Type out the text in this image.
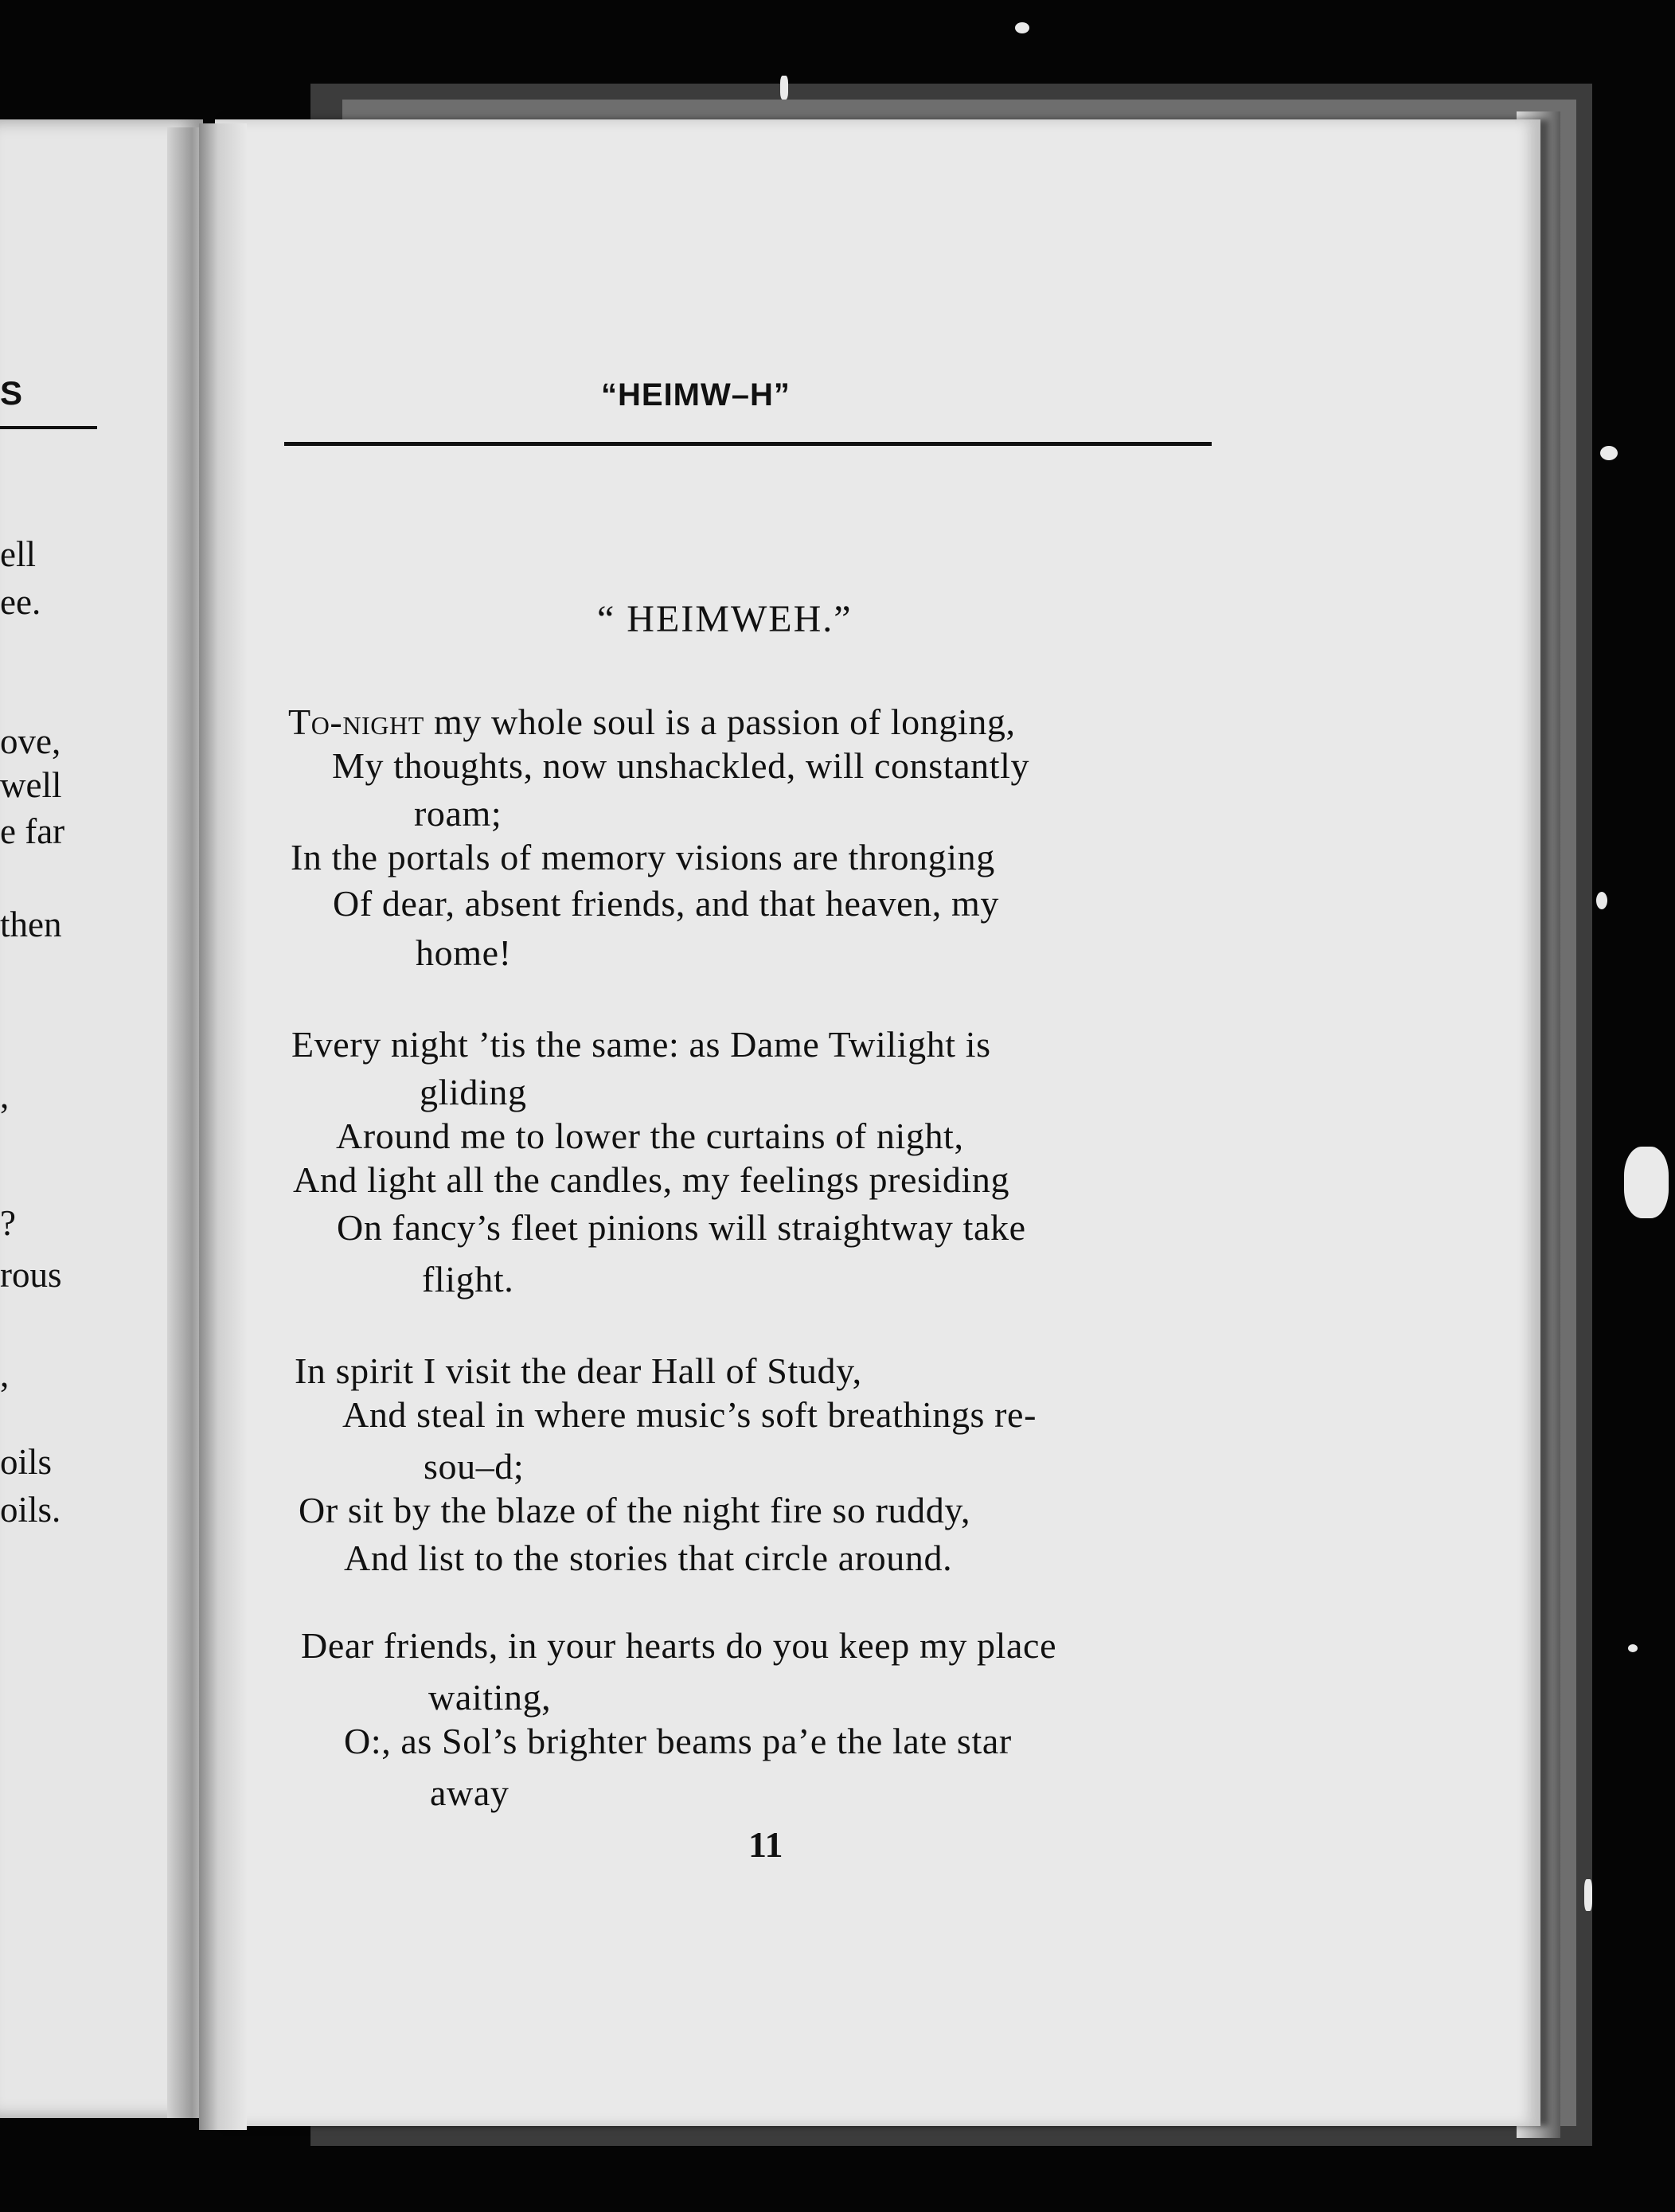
S
ell
ee.
ove,
well
e far
then
,
?
rous
,
oils
oils.
“HEIMW–H”
“ HEIMWEH.”
To-night my whole soul is a passion of longing,
My thoughts, now unshackled, will constantly
roam;
In the portals of memory visions are thronging
Of dear, absent friends, and that heaven, my
home!
Every night ’tis the same: as Dame Twilight is
gliding
Around me to lower the curtains of night,
And light all the candles, my feelings presiding
On fancy’s fleet pinions will straightway take
flight.
In spirit I visit the dear Hall of Study,
And steal in where music’s soft breathings re-
sou–d;
Or sit by the blaze of the night fire so ruddy,
And list to the stories that circle around.
Dear friends, in your hearts do you keep my place
waiting,
O:, as Sol’s brighter beams pa’e the late star
away
11
